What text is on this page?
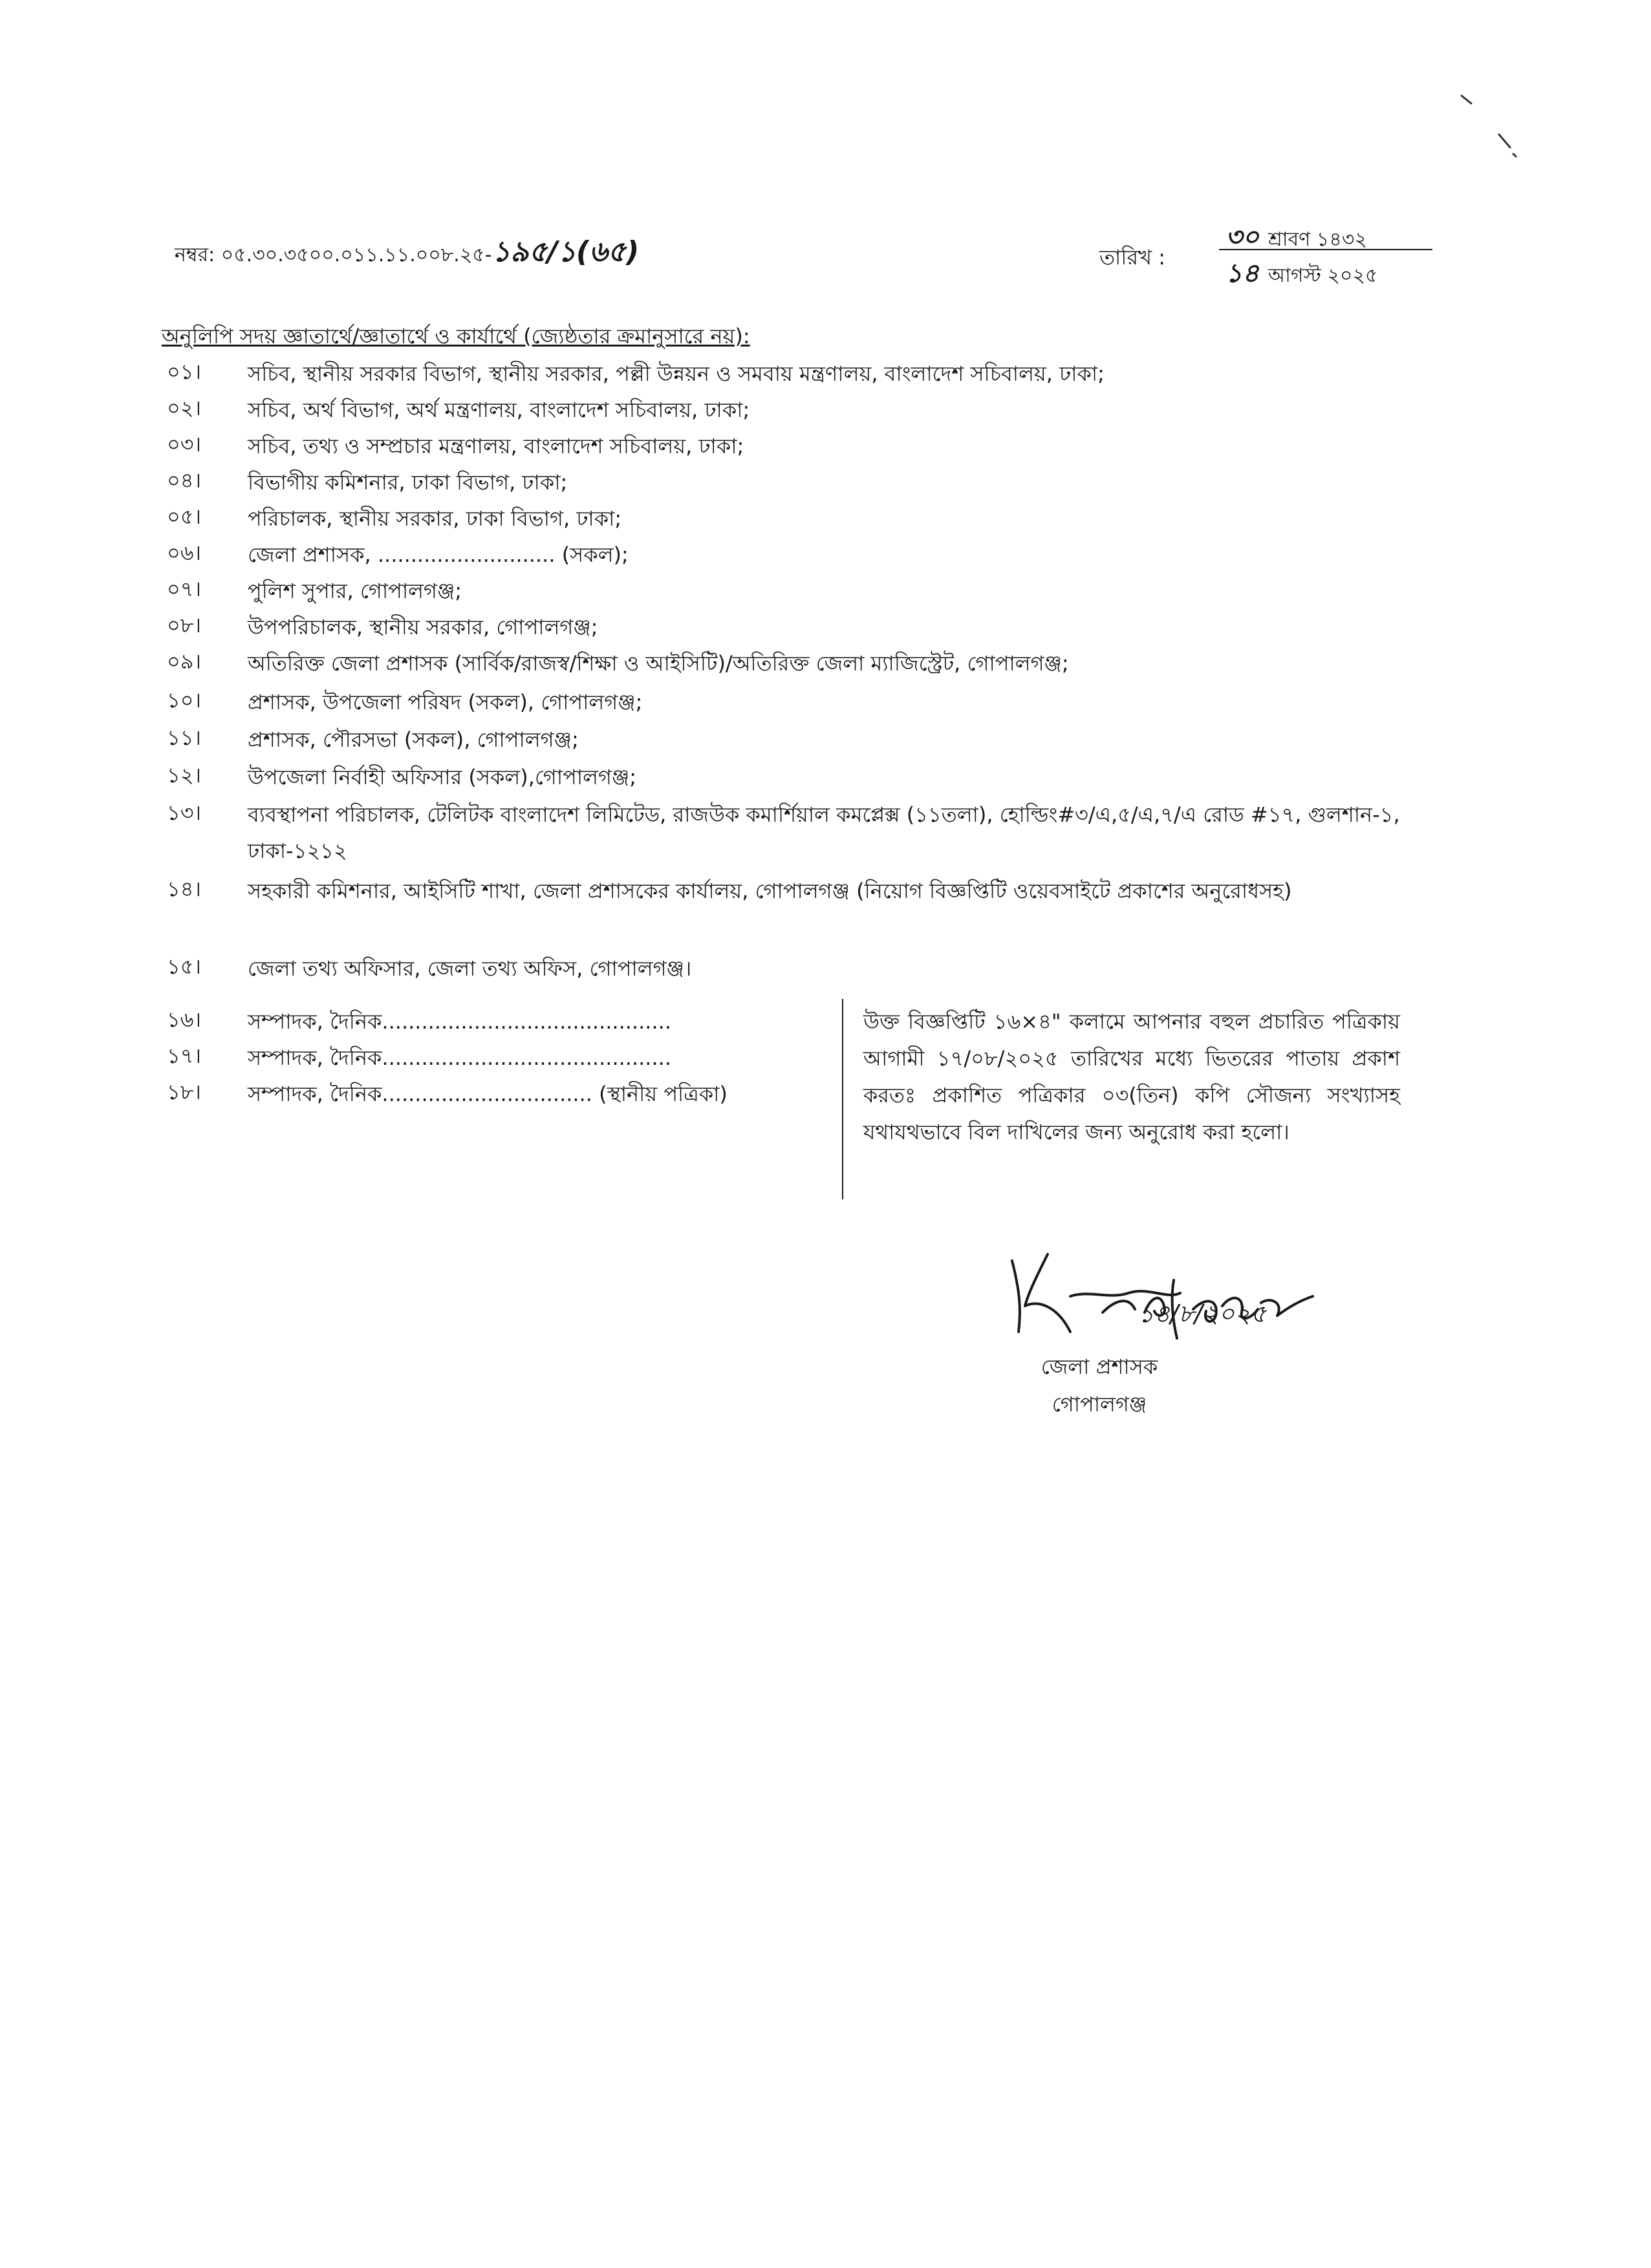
নম্বর: ০৫.৩০.৩৫০০.০১১.১১.০০৮.২৫-১৯৫/১(৬৫)	তারিখ :
৩০ শ্রাবণ ১৪৩২
১৪ আগস্ট ২০২৫
অনুলিপি সদয় জ্ঞাতার্থে/জ্ঞাতার্থে ও কার্যার্থে (জ্যেষ্ঠতার ক্রমানুসারে নয়):
০১।	সচিব, স্থানীয় সরকার বিভাগ, স্থানীয় সরকার, পল্লী উন্নয়ন ও সমবায় মন্ত্রণালয়, বাংলাদেশ সচিবালয়, ঢাকা;
০২।	সচিব, অর্থ বিভাগ, অর্থ মন্ত্রণালয়, বাংলাদেশ সচিবালয়, ঢাকা;
০৩।	সচিব, তথ্য ও সম্প্রচার মন্ত্রণালয়, বাংলাদেশ সচিবালয়, ঢাকা;
০৪।	বিভাগীয় কমিশনার, ঢাকা বিভাগ, ঢাকা;
০৫।	পরিচালক, স্থানীয় সরকার, ঢাকা বিভাগ, ঢাকা;
০৬।	জেলা প্রশাসক, ........................... (সকল);
০৭।	পুলিশ সুপার, গোপালগঞ্জ;
০৮।	উপপরিচালক, স্থানীয় সরকার, গোপালগঞ্জ;
০৯।	অতিরিক্ত জেলা প্রশাসক (সার্বিক/রাজস্ব/শিক্ষা ও আইসিটি)/অতিরিক্ত জেলা ম্যাজিস্ট্রেট, গোপালগঞ্জ;
১০।	প্রশাসক, উপজেলা পরিষদ (সকল), গোপালগঞ্জ;
১১।	প্রশাসক, পৌরসভা (সকল), গোপালগঞ্জ;
১২।	উপজেলা নির্বাহী অফিসার (সকল),গোপালগঞ্জ;
১৩।	ব্যবস্থাপনা পরিচালক, টেলিটক বাংলাদেশ লিমিটেড, রাজউক কমার্শিয়াল কমপ্লেক্স (১১তলা), হোল্ডিং#৩/এ,৫/এ,৭/এ রোড #১৭, গুলশান-১, ঢাকা-১২১২
১৪।	সহকারী কমিশনার, আইসিটি শাখা, জেলা প্রশাসকের কার্যালয়, গোপালগঞ্জ (নিয়োগ বিজ্ঞপ্তিটি ওয়েবসাইটে প্রকাশের অনুরোধসহ)
১৫।	জেলা তথ্য অফিসার, জেলা তথ্য অফিস, গোপালগঞ্জ।
১৬।	সম্পাদক, দৈনিক............................................
১৭।	সম্পাদক, দৈনিক............................................
১৮।	সম্পাদক, দৈনিক................................ (স্থানীয় পত্রিকা)
উক্ত বিজ্ঞপ্তিটি ১৬×৪" কলামে আপনার বহুল প্রচারিত পত্রিকায় আগামী ১৭/০৮/২০২৫ তারিখের মধ্যে ভিতরের পাতায় প্রকাশ করতঃ প্রকাশিত পত্রিকার ০৩(তিন) কপি সৌজন্য সংখ্যাসহ যথাযথভাবে বিল দাখিলের জন্য অনুরোধ করা হলো।
১৪/৮/২০২৫
জেলা প্রশাসক
গোপালগঞ্জ
